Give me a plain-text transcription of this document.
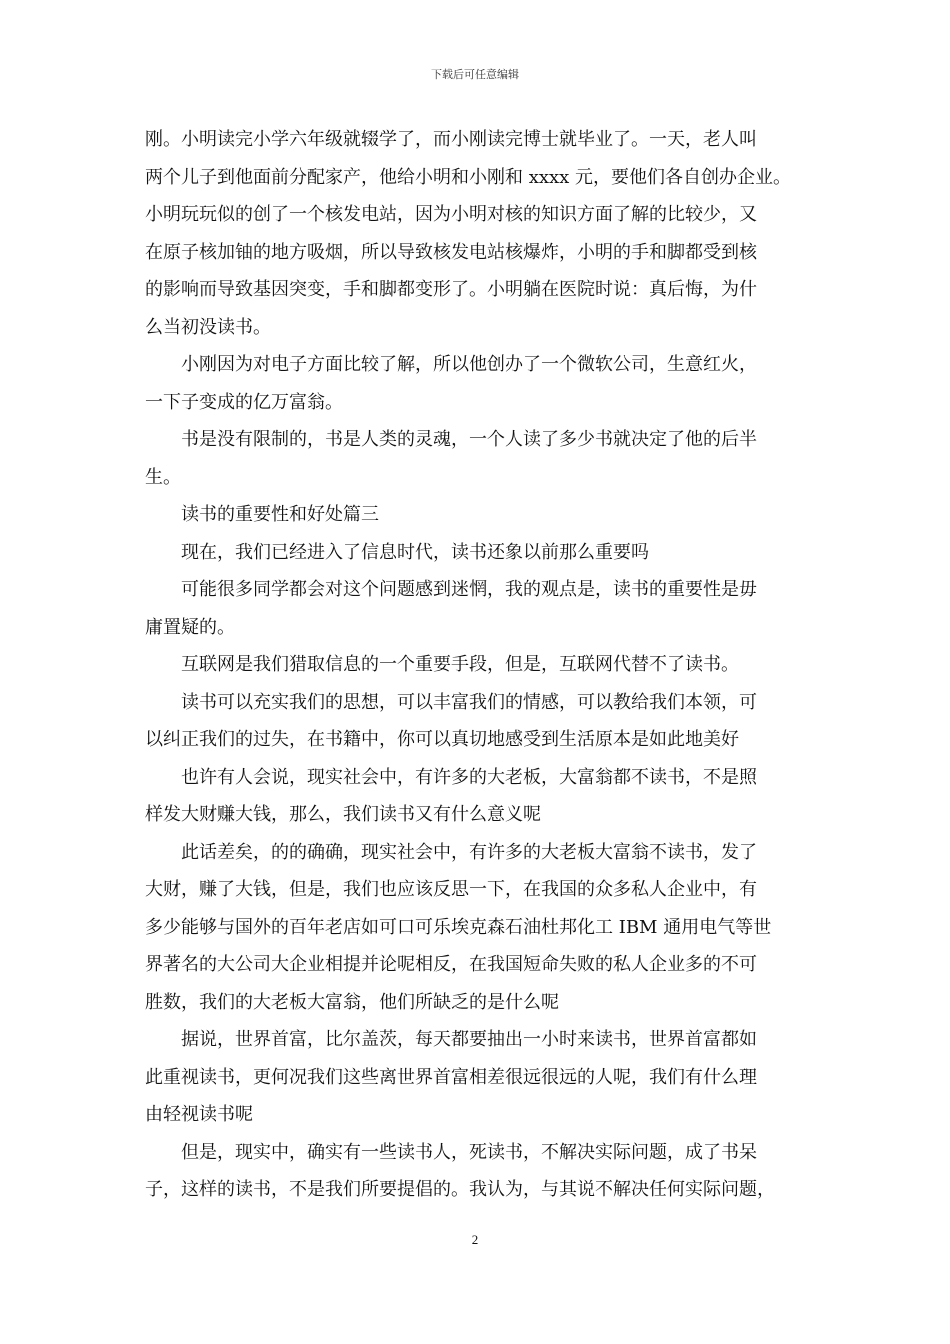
下载后可任意编辑
刚。小明读完小学六年级就辍学了，而小刚读完博士就毕业了。一天，老人叫
两个儿子到他面前分配家产，他给小明和小刚和 xxxx 元，要他们各自创办企业。
小明玩玩似的创了一个核发电站，因为小明对核的知识方面了解的比较少，又
在原子核加铀的地方吸烟，所以导致核发电站核爆炸，小明的手和脚都受到核
的影响而导致基因突变，手和脚都变形了。小明躺在医院时说：真后悔，为什
么当初没读书。
小刚因为对电子方面比较了解，所以他创办了一个微软公司，生意红火，
一下子变成的亿万富翁。
书是没有限制的，书是人类的灵魂，一个人读了多少书就决定了他的后半
生。
读书的重要性和好处篇三
现在，我们已经进入了信息时代，读书还象以前那么重要吗
可能很多同学都会对这个问题感到迷惘，我的观点是，读书的重要性是毋
庸置疑的。
互联网是我们猎取信息的一个重要手段，但是，互联网代替不了读书。
读书可以充实我们的思想，可以丰富我们的情感，可以教给我们本领，可
以纠正我们的过失，在书籍中，你可以真切地感受到生活原本是如此地美好
也许有人会说，现实社会中，有许多的大老板，大富翁都不读书，不是照
样发大财赚大钱，那么，我们读书又有什么意义呢
此话差矣，的的确确，现实社会中，有许多的大老板大富翁不读书，发了
大财，赚了大钱，但是，我们也应该反思一下，在我国的众多私人企业中，有
多少能够与国外的百年老店如可口可乐埃克森石油杜邦化工 IBM 通用电气等世
界著名的大公司大企业相提并论呢相反，在我国短命失败的私人企业多的不可
胜数，我们的大老板大富翁，他们所缺乏的是什么呢
据说，世界首富，比尔盖茨，每天都要抽出一小时来读书，世界首富都如
此重视读书，更何况我们这些离世界首富相差很远很远的人呢，我们有什么理
由轻视读书呢
但是，现实中，确实有一些读书人，死读书，不解决实际问题，成了书呆
子，这样的读书，不是我们所要提倡的。我认为，与其说不解决任何实际问题，
2
